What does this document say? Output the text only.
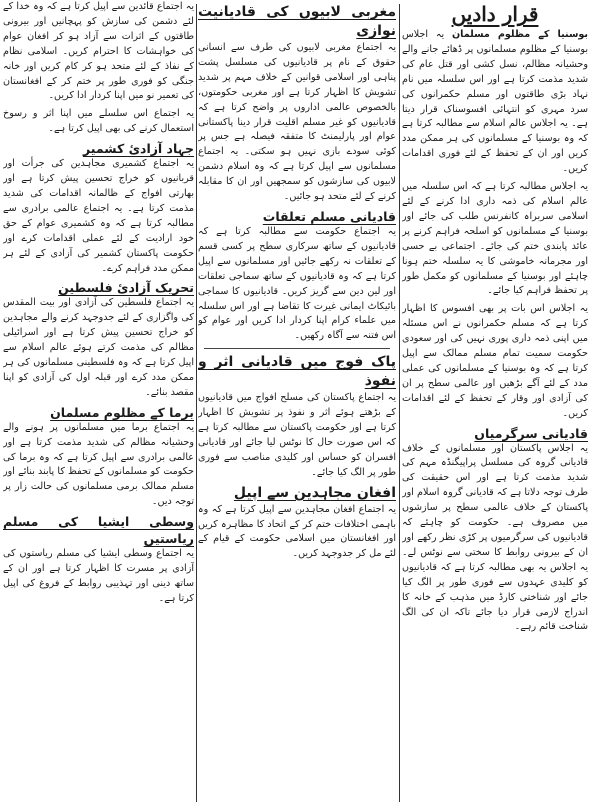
قرار دادیں

بوسنیا کے مظلوم مسلمان یہ اجلاس بوسنیا کے مظلوم مسلمانوں پر ڈھائے جانے والے وحشیانہ مظالم، نسل کشی اور قتل عام کی شدید مذمت کرتا ہے اور اس سلسلہ میں نام نہاد بڑی طاقتوں اور مسلم حکمرانوں کی سرد مہری کو انتہائی افسوسناک قرار دیتا ہے۔ یہ اجلاس عالم اسلام سے مطالبہ کرتا ہے کہ وہ بوسنیا کے مسلمانوں کی ہر ممکن مدد کریں اور ان کے تحفظ کے لئے فوری اقدامات کریں۔

یہ اجلاس مطالبہ کرتا ہے کہ اس سلسلہ میں عالم اسلام کی ذمہ داری ادا کرنے کے لئے اسلامی سربراہ کانفرنس طلب کی جائے اور بوسنیا کے مسلمانوں کو اسلحہ فراہم کرنے پر عائد پابندی ختم کی جائے۔ اجتماعی بے حسی اور مجرمانہ خاموشی کا یہ سلسلہ ختم ہونا چاہئے اور بوسنیا کے مسلمانوں کو مکمل طور پر تحفظ فراہم کیا جائے۔

یہ اجلاس اس بات پر بھی افسوس کا اظہار کرتا ہے کہ مسلم حکمرانوں نے اس مسئلہ میں اپنی ذمہ داری پوری نہیں کی اور سعودی حکومت سمیت تمام مسلم ممالک سے اپیل کرتا ہے کہ وہ بوسنیا کے مسلمانوں کی عملی مدد کے لئے آگے بڑھیں اور عالمی سطح پر ان کی آزادی اور وقار کے تحفظ کے لئے اقدامات کریں۔

قادیانی سرگرمیاں

یہ اجلاس پاکستان اور مسلمانوں کے خلاف قادیانی گروہ کی مسلسل پراپیگنڈہ مہم کی شدید مذمت کرتا ہے اور اس حقیقت کی طرف توجہ دلاتا ہے کہ قادیانی گروہ اسلام اور پاکستان کے خلاف عالمی سطح پر سازشوں میں مصروف ہے۔ حکومت کو چاہئے کہ قادیانیوں کی سرگرمیوں پر کڑی نظر رکھے اور ان کے بیرونی روابط کا سختی سے نوٹس لے۔ یہ اجلاس یہ بھی مطالبہ کرتا ہے کہ قادیانیوں کو کلیدی عہدوں سے فوری طور پر الگ کیا جائے اور شناختی کارڈ میں مذہب کے خانہ کا اندراج لازمی قرار دیا جائے تاکہ ان کی الگ شناخت قائم رہے۔

مغربی لابیوں کی قادیانیت نوازی

یہ اجتماع مغربی لابیوں کی طرف سے انسانی حقوق کے نام پر قادیانیوں کی مسلسل پشت پناہی اور اسلامی قوانین کے خلاف مہم پر شدید تشویش کا اظہار کرتا ہے اور مغربی حکومتوں، بالخصوص عالمی اداروں پر واضح کرتا ہے کہ قادیانیوں کو غیر مسلم اقلیت قرار دینا پاکستانی عوام اور پارلیمنٹ کا متفقہ فیصلہ ہے جس پر کوئی سودے بازی نہیں ہو سکتی۔ یہ اجتماع مسلمانوں سے اپیل کرتا ہے کہ وہ اسلام دشمن لابیوں کی سازشوں کو سمجھیں اور ان کا مقابلہ کرنے کے لئے متحد ہو جائیں۔

قادیانی مسلم تعلقات

یہ اجتماع حکومت سے مطالبہ کرتا ہے کہ قادیانیوں کے ساتھ سرکاری سطح پر کسی قسم کے تعلقات نہ رکھے جائیں اور مسلمانوں سے اپیل کرتا ہے کہ وہ قادیانیوں کے ساتھ سماجی تعلقات اور لین دین سے گریز کریں۔ قادیانیوں کا سماجی بائیکاٹ ایمانی غیرت کا تقاضا ہے اور اس سلسلہ میں علماء کرام اپنا کردار ادا کریں اور عوام کو اس فتنہ سے آگاہ رکھیں۔

پاک فوج میں قادیانی اثر و نفوذ

یہ اجتماع پاکستان کی مسلح افواج میں قادیانیوں کے بڑھتے ہوئے اثر و نفوذ پر تشویش کا اظہار کرتا ہے اور حکومت پاکستان سے مطالبہ کرتا ہے کہ اس صورت حال کا نوٹس لیا جائے اور قادیانی افسران کو حساس اور کلیدی مناصب سے فوری طور پر الگ کیا جائے۔

افغان مجاہدین سے اپیل

یہ اجتماع افغان مجاہدین سے اپیل کرتا ہے کہ وہ باہمی اختلافات ختم کر کے اتحاد کا مظاہرہ کریں اور افغانستان میں اسلامی حکومت کے قیام کے لئے مل کر جدوجہد کریں۔

یہ اجتماع قائدین سے اپیل کرتا ہے کہ وہ خدا کے لئے دشمن کی سازش کو پہچانیں اور بیرونی طاقتوں کے اثرات سے آزاد ہو کر افغان عوام کی خواہشات کا احترام کریں۔ اسلامی نظام کے نفاذ کے لئے متحد ہو کر کام کریں اور خانہ جنگی کو فوری طور پر ختم کر کے افغانستان کی تعمیر نو میں اپنا کردار ادا کریں۔

یہ اجتماع اس سلسلے میں اپنا اثر و رسوخ استعمال کرنے کی بھی اپیل کرتا ہے۔

جہاد آزادیٔ کشمیر

یہ اجتماع کشمیری مجاہدین کی جرأت اور قربانیوں کو خراج تحسین پیش کرتا ہے اور بھارتی افواج کے ظالمانہ اقدامات کی شدید مذمت کرتا ہے۔ یہ اجتماع عالمی برادری سے مطالبہ کرتا ہے کہ وہ کشمیری عوام کے حق خود ارادیت کے لئے عملی اقدامات کرے اور حکومت پاکستان کشمیر کی آزادی کے لئے ہر ممکن مدد فراہم کرے۔

تحریک آزادیٔ فلسطین

یہ اجتماع فلسطین کی آزادی اور بیت المقدس کی واگزاری کے لئے جدوجہد کرنے والے مجاہدین کو خراج تحسین پیش کرتا ہے اور اسرائیلی مظالم کی مذمت کرتے ہوئے عالم اسلام سے اپیل کرتا ہے کہ وہ فلسطینی مسلمانوں کی ہر ممکن مدد کرے اور قبلہ اول کی آزادی کو اپنا مقصد بنائے۔

برما کے مظلوم مسلمان

یہ اجتماع برما میں مسلمانوں پر ہونے والے وحشیانہ مظالم کی شدید مذمت کرتا ہے اور عالمی برادری سے اپیل کرتا ہے کہ وہ برما کی حکومت کو مسلمانوں کے تحفظ کا پابند بنائے اور مسلم ممالک برمی مسلمانوں کی حالت زار پر توجہ دیں۔

وسطی ایشیا کی مسلم ریاستیں

یہ اجتماع وسطی ایشیا کی مسلم ریاستوں کی آزادی پر مسرت کا اظہار کرتا ہے اور ان کے ساتھ دینی اور تہذیبی روابط کے فروغ کی اپیل کرتا ہے۔
